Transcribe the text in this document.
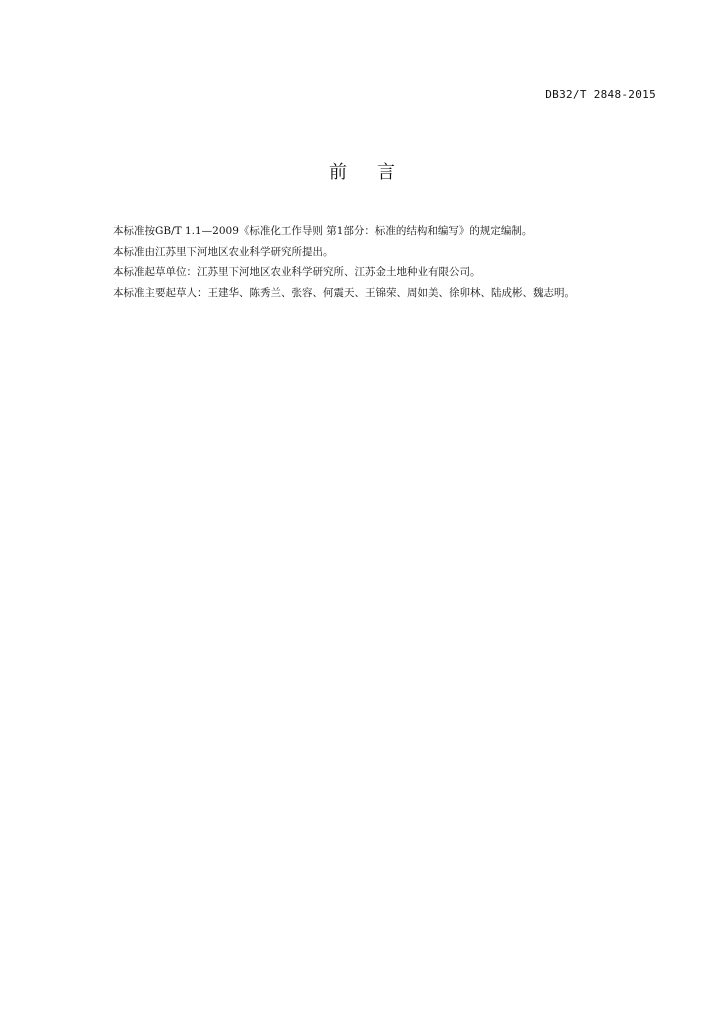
DB32/T 2848-2015
前 言

本标准按GB/T 1.1—2009《标准化工作导则 第1部分：标准的结构和编写》的规定编制。

本标准由江苏里下河地区农业科学研究所提出。

本标准起草单位：江苏里下河地区农业科学研究所、江苏金土地种业有限公司。

本标准主要起草人：王建华、陈秀兰、张容、何震天、王锦荣、周如美、徐卯林、陆成彬、魏志明。
